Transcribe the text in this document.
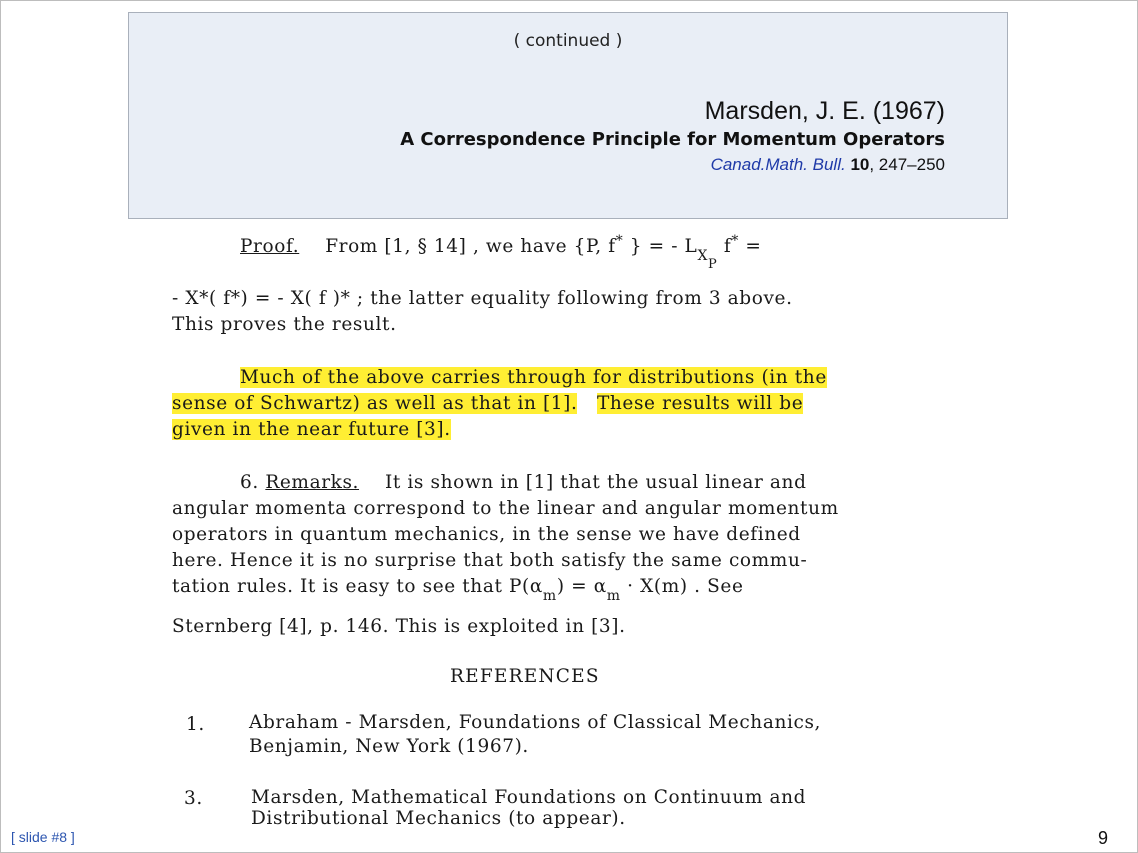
( continued )
Marsden, J. E. (1967)
A Correspondence Principle for Momentum Operators
Canad.Math. Bull. 10, 247–250
Proof. From [1, § 14] , we have {P, f* } = - $L_{XP}$ f* =
- X*( f*) = - X( f )* ; the latter equality following from 3 above.
This proves the result.
Much of the above carries through for distributions (in the
sense of Schwartz) as well as that in [1]. These results will be
given in the near future [3].
6. Remarks. It is shown in [1] that the usual linear and
angular momenta correspond to the linear and angular momentum
operators in quantum mechanics, in the sense we have defined
here. Hence it is no surprise that both satisfy the same commu-
tation rules. It is easy to see that $P(\alpha_m) = \alpha_m \cdot X(m)$ . See
Sternberg [4], p. 146. This is exploited in [3].
REFERENCES
1. Abraham - Marsden, Foundations of Classical Mechanics,
Benjamin, New York (1967).
3.	Marsden, Mathematical Foundations on Continuum and
Distributional Mechanics (to appear).
[ slide #8 ]	9
